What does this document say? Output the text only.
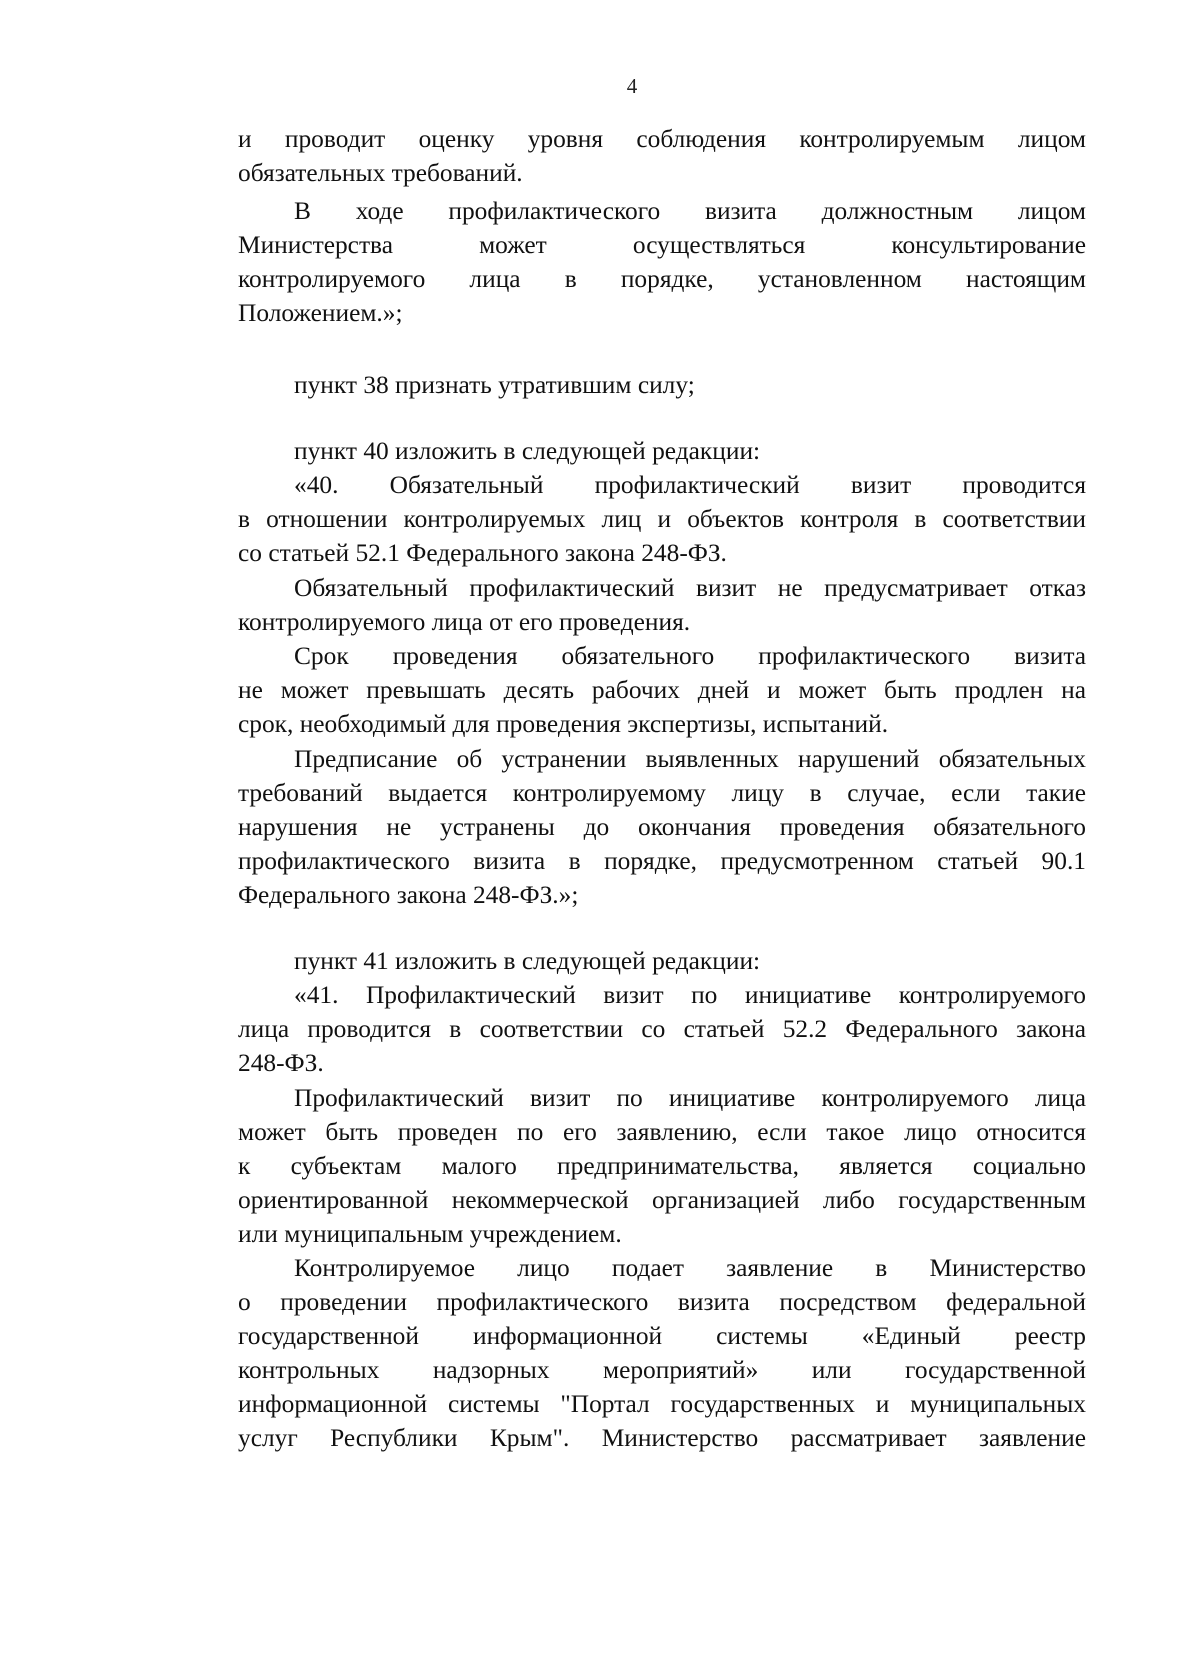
4
и проводит оценку уровня соблюдения контролируемым лицом
обязательных требований.
В ходе профилактического визита должностным лицом
Министерства может осуществляться консультирование
контролируемого лица в порядке, установленном настоящим
Положением.»;
пункт 38 признать утратившим силу;
пункт 40 изложить в следующей редакции:
«40. Обязательный профилактический визит проводится
в отношении контролируемых лиц и объектов контроля в соответствии
со статьей 52.1 Федерального закона 248-ФЗ.
Обязательный профилактический визит не предусматривает отказ
контролируемого лица от его проведения.
Срок проведения обязательного профилактического визита
не может превышать десять рабочих дней и может быть продлен на
срок, необходимый для проведения экспертизы, испытаний.
Предписание об устранении выявленных нарушений обязательных
требований выдается контролируемому лицу в случае, если такие
нарушения не устранены до окончания проведения обязательного
профилактического визита в порядке, предусмотренном статьей 90.1
Федерального закона 248-ФЗ.»;
пункт 41 изложить в следующей редакции:
«41. Профилактический визит по инициативе контролируемого
лица проводится в соответствии со статьей 52.2 Федерального закона
248-ФЗ.
Профилактический визит по инициативе контролируемого лица
может быть проведен по его заявлению, если такое лицо относится
к субъектам малого предпринимательства, является социально
ориентированной некоммерческой организацией либо государственным
или муниципальным учреждением.
Контролируемое лицо подает заявление в Министерство
о проведении профилактического визита посредством федеральной
государственной информационной системы «Единый реестр
контрольных надзорных мероприятий» или государственной
информационной системы "Портал государственных и муниципальных
услуг Республики Крым". Министерство рассматривает заявление
